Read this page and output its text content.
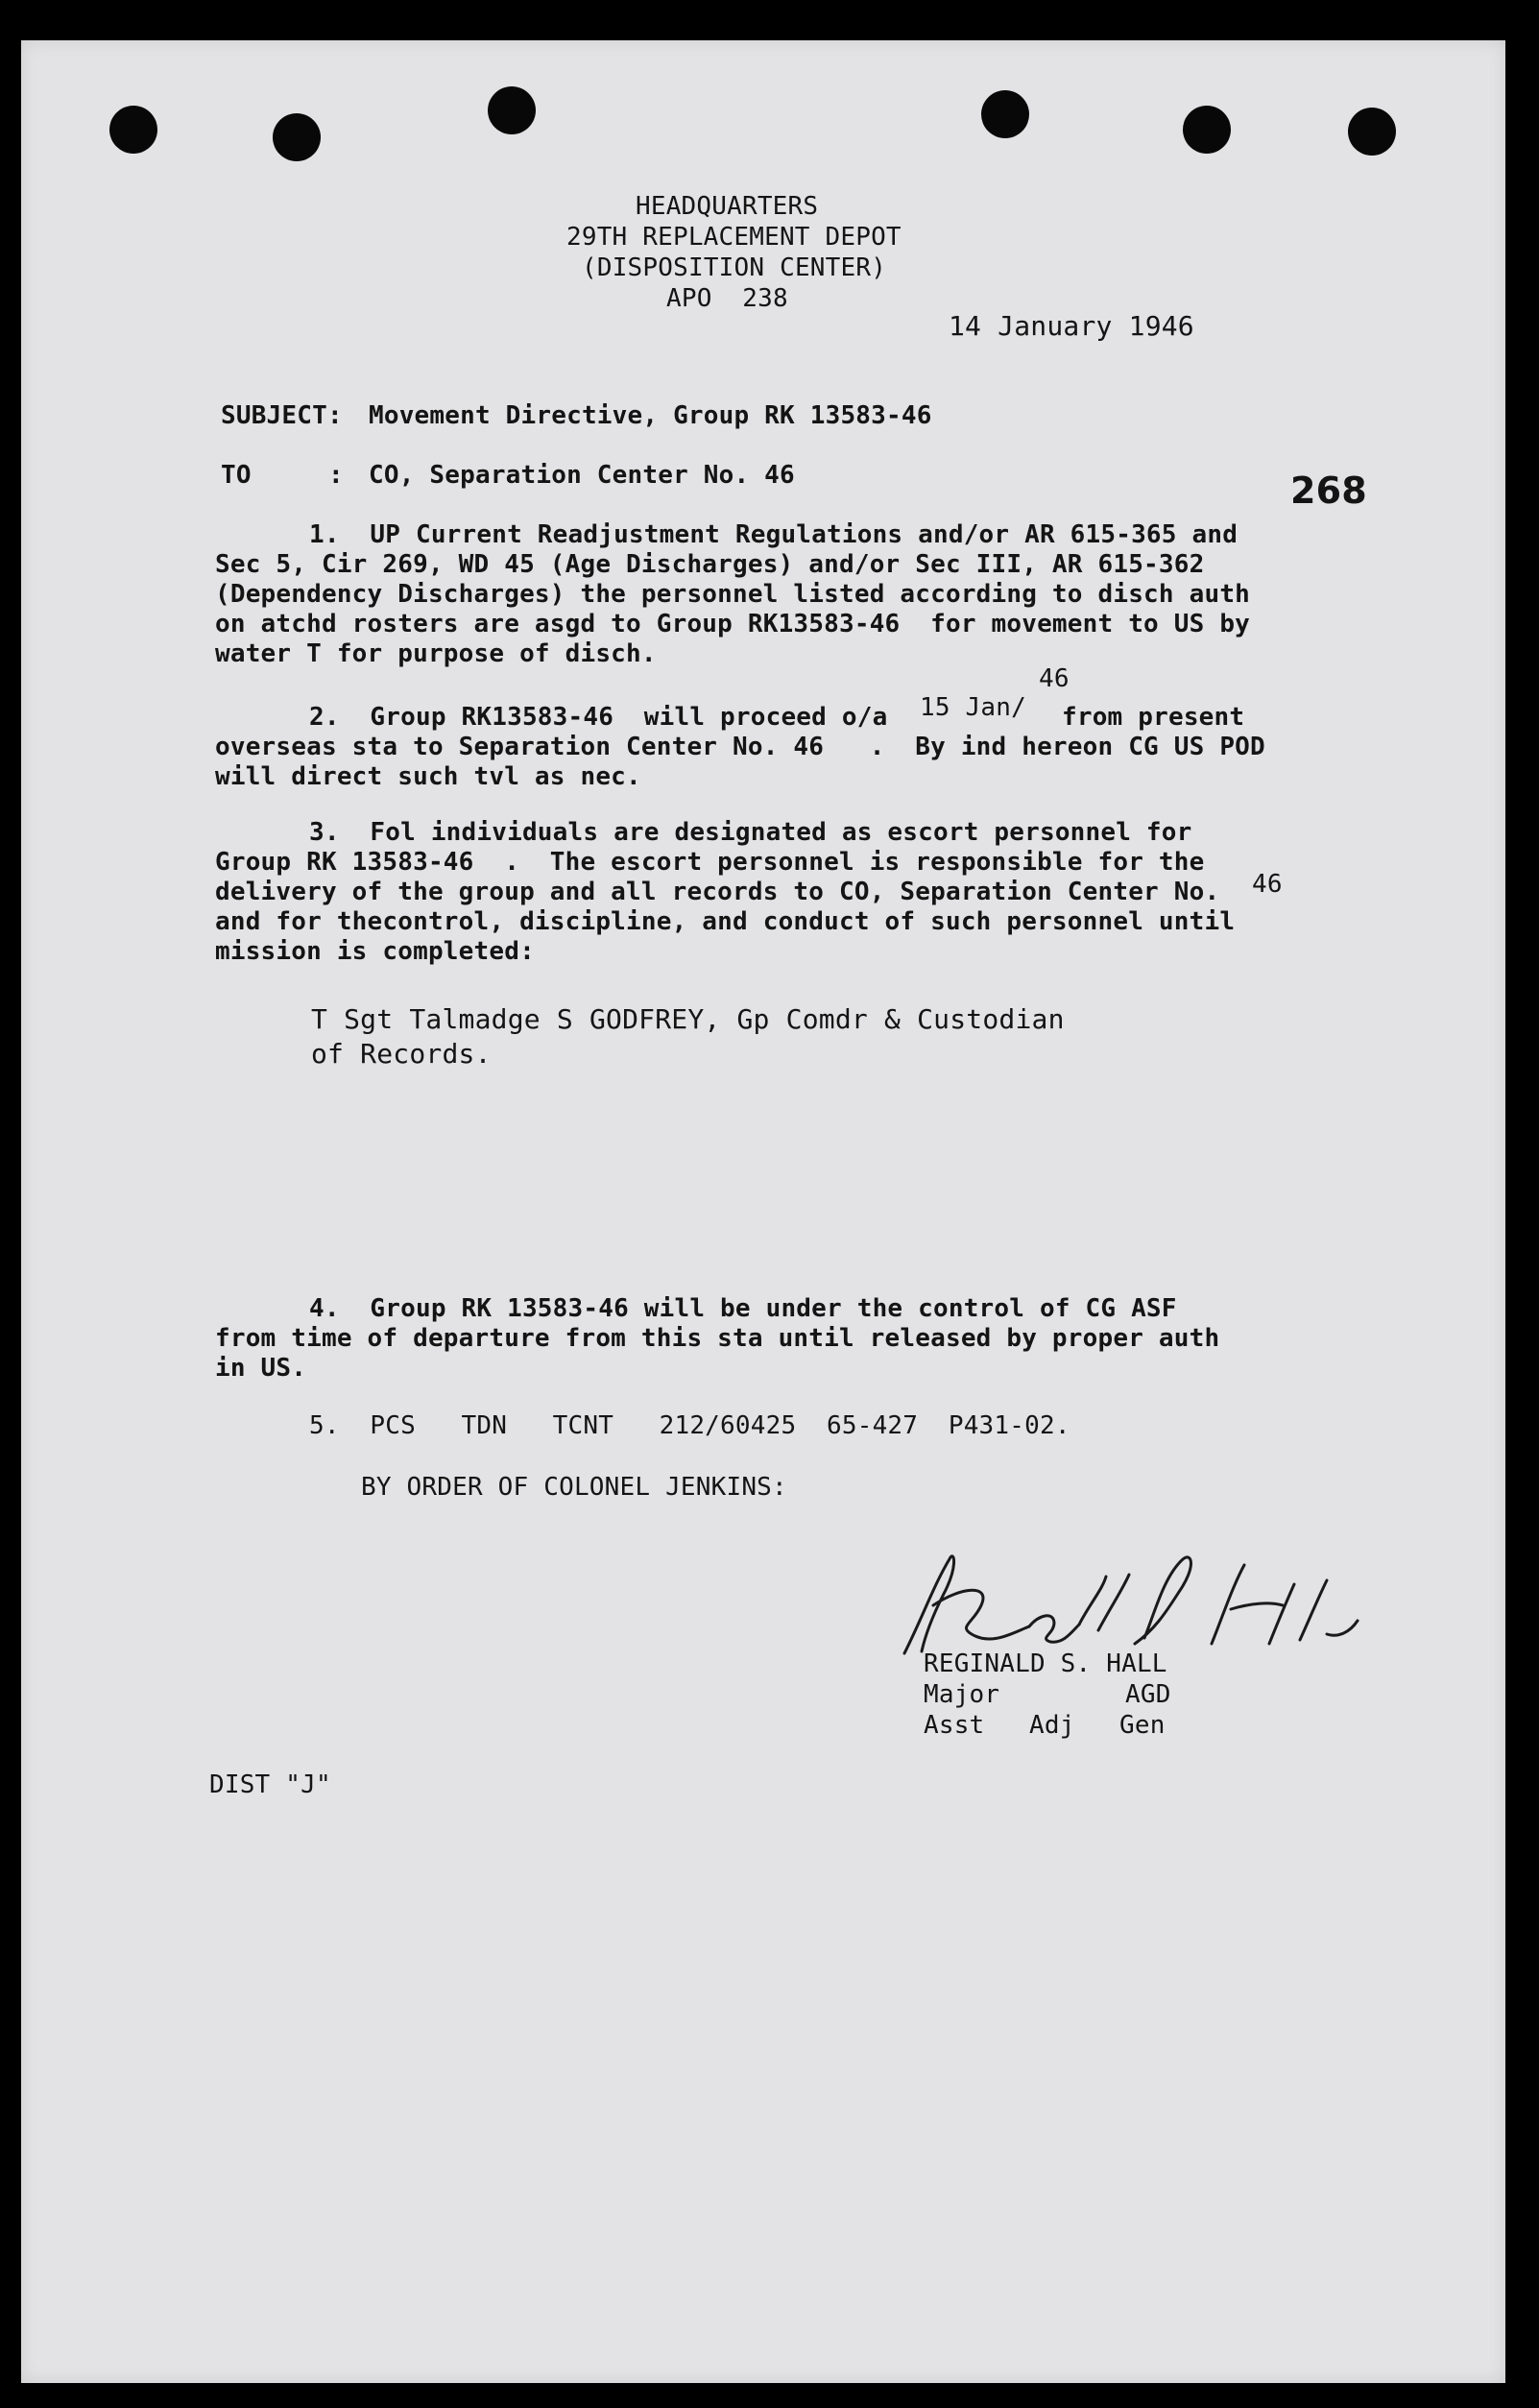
HEADQUARTERS
29TH REPLACEMENT DEPOT
(DISPOSITION CENTER)
APO  238
14 January 1946
SUBJECT: Movement Directive, Group RK 13583-46
TO	: CO, Separation Center No. 46	268
1.  UP Current Readjustment Regulations and/or AR 615-365 and
Sec 5, Cir 269, WD 45 (Age Discharges) and/or Sec III, AR 615-362
(Dependency Discharges) the personnel listed according to disch auth
on atchd rosters are asgd to Group RK13583-46  for movement to US by
water T for purpose of disch.
2.  Group RK13583-46  will proceed o/a 15 Jan/
46
from present
overseas sta to Separation Center No. 46   .  By ind hereon CG US POD
will direct such tvl as nec.
3.  Fol individuals are designated as escort personnel for
Group RK 13583-46  .  The escort personnel is responsible for the
delivery of the group and all records to CO, Separation Center No.
and for thecontrol, discipline, and conduct of such personnel until
mission is completed:
46
T Sgt Talmadge S GODFREY, Gp Comdr & Custodian
of Records.
4.  Group RK 13583-46 will be under the control of CG ASF
from time of departure from this sta until released by proper auth
in US.
5.  PCS   TDN   TCNT   212/60425  65-427  P431-02.
BY ORDER OF COLONEL JENKINS:
REGINALD S. HALL
Major	AGD
Asst Adj Gen
DIST "J"
